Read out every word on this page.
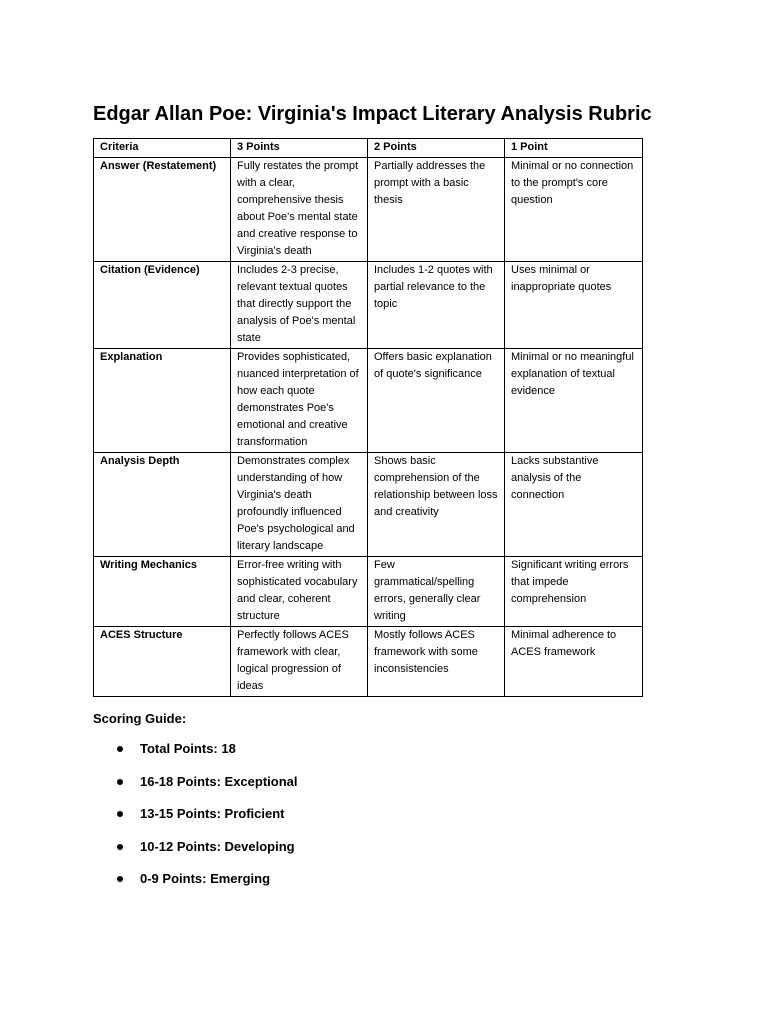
Edgar Allan Poe: Virginia's Impact Literary Analysis Rubric
Criteria	3 Points	2 Points	1 Point
Answer (Restatement)	Fully restates the prompt with a clear, comprehensive thesis about Poe's mental state and creative response to Virginia's death	Partially addresses the prompt with a basic thesis	Minimal or no connection to the prompt's core question
Citation (Evidence)	Includes 2-3 precise, relevant textual quotes that directly support the analysis of Poe's mental state	Includes 1-2 quotes with partial relevance to the topic	Uses minimal or inappropriate quotes
Explanation	Provides sophisticated, nuanced interpretation of how each quote demonstrates Poe's emotional and creative transformation	Offers basic explanation of quote's significance	Minimal or no meaningful explanation of textual evidence
Analysis Depth	Demonstrates complex understanding of how Virginia's death profoundly influenced Poe's psychological and literary landscape	Shows basic comprehension of the relationship between loss and creativity	Lacks substantive analysis of the connection
Writing Mechanics	Error-free writing with sophisticated vocabulary and clear, coherent structure	Few grammatical/spelling errors, generally clear writing	Significant writing errors that impede comprehension
ACES Structure	Perfectly follows ACES framework with clear, logical progression of ideas	Mostly follows ACES framework with some inconsistencies	Minimal adherence to ACES framework
Scoring Guide:
Total Points: 18
16-18 Points: Exceptional
13-15 Points: Proficient
10-12 Points: Developing
0-9 Points: Emerging
